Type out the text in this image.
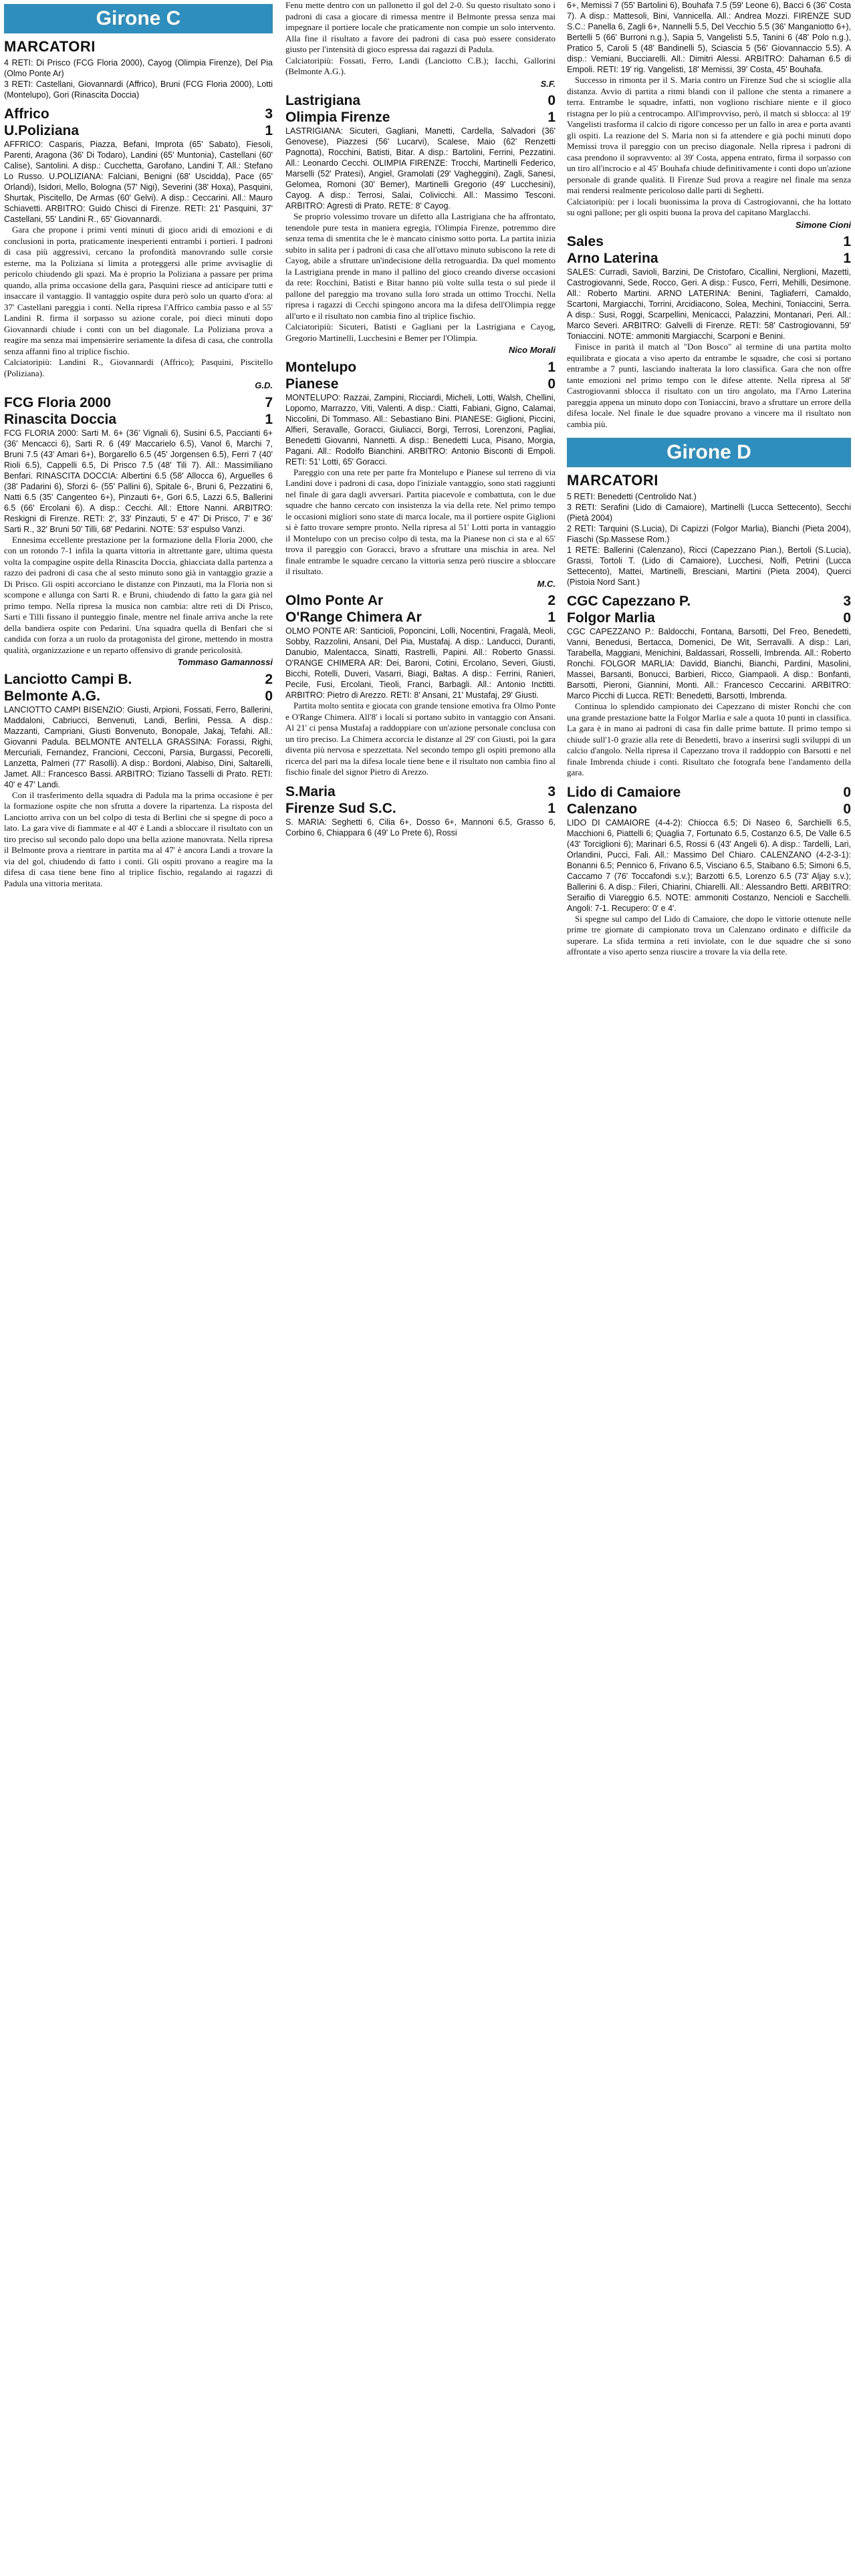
Girone C
MARCATORI

4 RETI: Di Prisco (FCG Floria 2000), Cayog (Olimpia Firenze), Del Pia (Olmo Ponte Ar)

3 RETI: Castellani, Giovannardi (Affrico), Bruni (FCG Floria 2000), Lotti (Montelupo), Gori (Rinascita Doccia)

Affrico	3
U.Poliziana	1

AFFRICO: Casparis, Piazza, Befani, Improta (65' Sabato), Fiesoli, Parenti, Aragona (36' Di Todaro), Landini (65' Muntonia), Castellani (60' Calise), Santolini. A disp.: Cucchetta, Garofano, Landini T. All.: Stefano Lo Russo. U.POLIZIANA: Falciani, Benigni (68' Uscidda), Pace (65' Orlandi), Isidori, Mello, Bologna (57' Nigi), Severini (38' Hoxa), Pasquini, Shurtak, Piscitello, De Armas (60' Gelvi). A disp.: Ceccarini. All.: Mauro Schiavetti. ARBITRO: Guido Chisci di Firenze. RETI: 21' Pasquini, 37' Castellani, 55' Landini R., 65' Giovannardi.

Gara che propone i primi venti minuti di gioco aridi di emozioni e di conclusioni in porta, praticamente inesperienti entrambi i portieri. I padroni di casa più aggressivi, cercano la profondità manovrando sulle corsie esterne, ma la Poliziana si limita a proteggersi alle prime avvisaglie di pericolo chiudendo gli spazi. Ma è proprio la Poliziana a passare per prima quando, alla prima occasione della gara, Pasquini riesce ad anticipare tutti e insaccare il vantaggio. Il vantaggio ospite dura però solo un quarto d'ora: al 37' Castellani pareggia i conti. Nella ripresa l'Affrico cambia passo e al 55' Landini R. firma il sorpasso su azione corale, poi dieci minuti dopo Giovannardi chiude i conti con un bel diagonale. La Poliziana prova a reagire ma senza mai impensierire seriamente la difesa di casa, che controlla senza affanni fino al triplice fischio.

Calciatoripiù: Landini R., Giovannardi (Affrico); Pasquini, Piscitello (Poliziana).

G.D.
FCG Floria 2000	7
Rinascita Doccia	1

FCG FLORIA 2000: Sarti M. 6+ (36' Vignali 6), Susini 6.5, Paccianti 6+ (36' Mencacci 6), Sarti R. 6 (49' Maccarielo 6.5), Vanol 6, Marchi 7, Bruni 7.5 (43' Amari 6+), Borgarello 6.5 (45' Jorgensen 6.5), Ferri 7 (40' Rioli 6.5), Cappelli 6.5, Di Prisco 7.5 (48' Tili 7). All.: Massimiliano Benfari. RINASCITA DOCCIA: Albertini 6.5 (58' Allocca 6), Arguelles 6 (38' Padarini 6), Sforzi 6- (55' Pallini 6), Spitale 6-, Bruni 6, Pezzatini 6, Natti 6.5 (35' Cangenteo 6+), Pinzauti 6+, Gori 6.5, Lazzi 6.5, Ballerini 6.5 (66' Ercolani 6). A disp.: Cecchi. All.: Ettore Nanni. ARBITRO: Reskigni di Firenze. RETI: 2', 33' Pinzauti, 5' e 47' Di Prisco, 7' e 36' Sarti R., 32' Bruni 50' Tilli, 68' Pedarini. NOTE: 53' espulso Vanzi.

Ennesima eccellente prestazione per la formazione della Floria 2000, che con un rotondo 7-1 infila la quarta vittoria in altrettante gare, ultima questa volta la compagine ospite della Rinascita Doccia, ghiacciata dalla partenza a razzo dei padroni di casa che al sesto minuto sono già in vantaggio grazie a Di Prisco. Gli ospiti accorciano le distanze con Pinzauti, ma la Floria non si scompone e allunga con Sarti R. e Bruni, chiudendo di fatto la gara già nel primo tempo. Nella ripresa la musica non cambia: altre reti di Di Prisco, Sarti e Tilli fissano il punteggio finale, mentre nel finale arriva anche la rete della bandiera ospite con Pedarini. Una squadra quella di Benfari che si candida con forza a un ruolo da protagonista del girone, mettendo in mostra qualità, organizzazione e un reparto offensivo di grande pericolosità.

Tommaso Gamannossi
Lanciotto Campi B.	2
Belmonte A.G.	0

LANCIOTTO CAMPI BISENZIO: Giusti, Arpioni, Fossati, Ferro, Ballerini, Maddaloni, Cabriucci, Benvenuti, Landi, Berlini, Pessa. A disp.: Mazzanti, Campriani, Giusti Bonvenuto, Bonopale, Jakaj, Tefahi. All.: Giovanni Padula. BELMONTE ANTELLA GRASSINA: Forassi, Righi, Mercuriali, Fernandez, Francioni, Cecconi, Parsia, Burgassi, Pecorelli, Lanzetta, Palmeri (77' Rasolli). A disp.: Bordoni, Alabiso, Dini, Saltarelli, Jamet. All.: Francesco Bassi. ARBITRO: Tiziano Tasselli di Prato. RETI: 40' e 47' Landi.

Con il trasferimento della squadra di Padula ma la prima occasione è per la formazione ospite che non sfrutta a dovere la ripartenza. La risposta del Lanciotto arriva con un bel colpo di testa di Berlini che si spegne di poco a lato. La gara vive di fiammate e al 40' è Landi a sbloccare il risultato con un tiro preciso sul secondo palo dopo una bella azione manovrata. Nella ripresa il Belmonte prova a rientrare in partita ma al 47' è ancora Landi a trovare la via del gol, chiudendo di fatto i conti. Gli ospiti provano a reagire ma la difesa di casa tiene bene fino al triplice fischio, regalando ai ragazzi di Padula una vittoria meritata.

Fenu mette dentro con un pallonetto il gol del 2-0. Su questo risultato sono i padroni di casa a giocare di rimessa mentre il Belmonte pressa senza mai impegnare il portiere locale che praticamente non compie un solo intervento. Alla fine il risultato a favore dei padroni di casa può essere considerato giusto per l'intensità di gioco espressa dai ragazzi di Padula.

Calciatoripiù: Fossati, Ferro, Landi (Lanciotto C.B.); Iacchi, Gallorini (Belmonte A.G.).

S.F.
Lastrigiana	0
Olimpia Firenze	1

LASTRIGIANA: Sicuteri, Gagliani, Manetti, Cardella, Salvadori (36' Genovese), Piazzesi (56' Lucarvi), Scalese, Maio (62' Renzetti Pagnotta), Rocchini, Batisti, Bitar. A disp.: Bartolini, Ferrini, Pezzatini. All.: Leonardo Cecchi. OLIMPIA FIRENZE: Trocchi, Martinelli Federico, Marselli (52' Pratesi), Angiel, Gramolati (29' Vagheggini), Zagli, Sanesi, Gelomea, Romoni (30' Bemer), Martinelli Gregorio (49' Lucchesini), Cayog. A disp.: Terrosi, Salai, Colivicchi. All.: Massimo Tesconi. ARBITRO: Agresti di Prato. RETE: 8' Cayog.

Se proprio volessimo trovare un difetto alla Lastrigiana che ha affrontato, tenendole pure testa in maniera egregia, l'Olimpia Firenze, potremmo dire senza tema di smentita che le è mancato cinismo sotto porta. La partita inizia subito in salita per i padroni di casa che all'ottavo minuto subiscono la rete di Cayog, abile a sfruttare un'indecisione della retroguardia. Da quel momento la Lastrigiana prende in mano il pallino del gioco creando diverse occasioni da rete: Rocchini, Batisti e Bitar hanno più volte sulla testa o sul piede il pallone del pareggio ma trovano sulla loro strada un ottimo Trocchi. Nella ripresa i ragazzi di Cecchi spingono ancora ma la difesa dell'Olimpia regge all'urto e il risultato non cambia fino al triplice fischio.

Calciatoripiù: Sicuteri, Batisti e Gagliani per la Lastrigiana e Cayog, Gregorio Martinelli, Lucchesini e Bemer per l'Olimpia.

Nico Morali
Montelupo	1
Pianese	0

MONTELUPO: Razzai, Zampini, Ricciardi, Micheli, Lotti, Walsh, Chellini, Lopomo, Marrazzo, Viti, Valenti. A disp.: Ciatti, Fabiani, Gigno, Calamai, Niccolini, Di Tommaso. All.: Sebastiano Bini. PIANESE: Giglioni, Piccini, Alfieri, Seravalle, Goracci, Giuliacci, Borgi, Terrosi, Lorenzoni, Pagliai, Benedetti Giovanni, Nannetti. A disp.: Benedetti Luca, Pisano, Morgia, Pagani. All.: Rodolfo Bianchini. ARBITRO: Antonio Bisconti di Empoli. RETI: 51' Lotti, 65' Goracci.

Pareggio con una rete per parte fra Montelupo e Pianese sul terreno di via Landini dove i padroni di casa, dopo l'iniziale vantaggio, sono stati raggiunti nel finale di gara dagli avversari. Partita piacevole e combattuta, con le due squadre che hanno cercato con insistenza la via della rete. Nel primo tempo le occasioni migliori sono state di marca locale, ma il portiere ospite Giglioni si è fatto trovare sempre pronto. Nella ripresa al 51' Lotti porta in vantaggio il Montelupo con un preciso colpo di testa, ma la Pianese non ci sta e al 65' trova il pareggio con Goracci, bravo a sfruttare una mischia in area. Nel finale entrambe le squadre cercano la vittoria senza però riuscire a sbloccare il risultato.

M.C.
Olmo Ponte Ar	2
O'Range Chimera Ar	1

OLMO PONTE AR: Santicioli, Poponcini, Lolli, Nocentini, Fragalà, Meoli, Sobby, Razzolini, Ansani, Del Pia, Mustafaj. A disp.: Landucci, Duranti, Danubio, Malentacca, Sinatti, Rastrelli, Papini. All.: Roberto Gnassi. O'RANGE CHIMERA AR: Dei, Baroni, Cotini, Ercolano, Severi, Giusti, Bicchi, Rotelli, Duveri, Vasarri, Biagi, Baltas. A disp.: Ferrini, Ranieri, Pecile, Fusi, Ercolani, Tieoli, Franci, Barbagli. All.: Antonio Inctitti. ARBITRO: Pietro di Arezzo. RETI: 8' Ansani, 21' Mustafaj, 29' Giusti.

Partita molto sentita e giocata con grande tensione emotiva fra Olmo Ponte e O'Range Chimera. All'8' i locali si portano subito in vantaggio con Ansani. Al 21' ci pensa Mustafaj a raddoppiare con un'azione personale conclusa con un tiro preciso. La Chimera accorcia le distanze al 29' con Giusti, poi la gara diventa più nervosa e spezzettata. Nel secondo tempo gli ospiti premono alla ricerca del pari ma la difesa locale tiene bene e il risultato non cambia fino al fischio finale del signor Pietro di Arezzo.

S.Maria	3
Firenze Sud S.C.	1

S. MARIA: Seghetti 6, Cilia 6+, Dosso 6+, Mannoni 6.5, Grasso 6, Corbino 6, Chiappara 6 (49' Lo Prete 6), Rossi

6+, Memissi 7 (55' Bartolini 6), Bouhafa 7.5 (59' Leone 6), Bacci 6 (36' Costa 7). A disp.: Mattesoli, Bini, Vannicella. All.: Andrea Mozzi. FIRENZE SUD S.C.: Panella 6, Zagli 6+, Nannelli 5.5, Del Vecchio 5.5 (36' Manganiotto 6+), Bertelli 5 (66' Burroni n.g.), Sapia 5, Vangelisti 5.5, Tanini 6 (48' Polo n.g.), Pratico 5, Caroli 5 (48' Bandinelli 5), Sciascia 5 (56' Giovannaccio 5.5). A disp.: Vemiani, Bucciarelli. All.: Dimitri Alessi. ARBITRO: Dahaman 6.5 di Empoli. RETI: 19' rig. Vangelisti, 18' Memissi, 39' Costa, 45' Bouhafa.

Successo in rimonta per il S. Maria contro un Firenze Sud che si scioglie alla distanza. Avvio di partita a ritmi blandi con il pallone che stenta a rimanere a terra. Entrambe le squadre, infatti, non vogliono rischiare niente e il gioco ristagna per lo più a centrocampo. All'improvviso, però, il match si sblocca: al 19' Vangelisti trasforma il calcio di rigore concesso per un fallo in area e porta avanti gli ospiti. La reazione del S. Maria non si fa attendere e già pochi minuti dopo Memissi trova il pareggio con un preciso diagonale. Nella ripresa i padroni di casa prendono il sopravvento: al 39' Costa, appena entrato, firma il sorpasso con un tiro all'incrocio e al 45' Bouhafa chiude definitivamente i conti dopo un'azione personale di grande qualità. Il Firenze Sud prova a reagire nel finale ma senza mai rendersi realmente pericoloso dalle parti di Seghetti.

Calciatoripiù: per i locali buonissima la prova di Castrogiovanni, che ha lottato su ogni pallone; per gli ospiti buona la prova del capitano Marglacchi.

Simone Cioni
Sales	1
Arno Laterina	1

SALES: Curradi, Savioli, Barzini, De Cristofaro, Cicallini, Nerglioni, Mazetti, Castrogiovanni, Sede, Rocco, Geri. A disp.: Fusco, Ferri, Mehilli, Desimone. All.: Roberto Martini. ARNO LATERINA: Benini, Tagliaferri, Camaldo, Scartoni, Margiacchi, Torrini, Arcidiacono, Solea, Mechini, Toniaccini, Serra. A disp.: Susi, Roggi, Scarpellini, Menicacci, Palazzini, Montanari, Peri. All.: Marco Severi. ARBITRO: Galvelli di Firenze. RETI: 58' Castrogiovanni, 59' Toniaccini. NOTE: ammoniti Margiacchi, Scarponi e Benini.

Finisce in parità il match al "Don Bosco" al termine di una partita molto equilibrata e giocata a viso aperto da entrambe le squadre, che così si portano entrambe a 7 punti, lasciando inalterata la loro classifica. Gara che non offre tante emozioni nel primo tempo con le difese attente. Nella ripresa al 58' Castrogiovanni sblocca il risultato con un tiro angolato, ma l'Arno Laterina pareggia appena un minuto dopo con Toniaccini, bravo a sfruttare un errore della difesa locale. Nel finale le due squadre provano a vincere ma il risultato non cambia più.

Girone D
MARCATORI

5 RETI: Benedetti (Centrolido Nat.)

3 RETI: Serafini (Lido di Camaiore), Martinelli (Lucca Settecento), Secchi (Pietà 2004)

2 RETI: Tarquini (S.Lucia), Di Capizzi (Folgor Marlia), Bianchi (Pieta 2004), Fiaschi (Sp.Massese Rom.)

1 RETE: Ballerini (Calenzano), Ricci (Capezzano Pian.), Bertoli (S.Lucia), Grassi, Tortoli T. (Lido di Camaiore), Lucchesi, Nolfi, Petrini (Lucca Settecento), Mattei, Martinelli, Bresciani, Martini (Pieta 2004), Querci (Pistoia Nord Sant.)

CGC Capezzano P.	3
Folgor Marlia	0

CGC CAPEZZANO P.: Baldocchi, Fontana, Barsotti, Del Freo, Benedetti, Vanni, Benedusi, Bertacca, Domenici, De Wit, Serravalli. A disp.: Lari, Tarabella, Maggiani, Menichini, Baldassari, Rosselli, Imbrenda. All.: Roberto Ronchi. FOLGOR MARLIA: Davidd, Bianchi, Bianchi, Pardini, Masolini, Massei, Barsanti, Bonucci, Barbieri, Ricco, Giampaoli. A disp.: Bonfanti, Barsotti, Pieroni, Giannini, Monti. All.: Francesco Ceccarini. ARBITRO: Marco Picchi di Lucca. RETI: Benedetti, Barsotti, Imbrenda.

Continua lo splendido campionato dei Capezzano di mister Ronchi che con una grande prestazione batte la Folgor Marlia e sale a quota 10 punti in classifica. La gara è in mano ai padroni di casa fin dalle prime battute. Il primo tempo si chiude sull'1-0 grazie alla rete di Benedetti, bravo a inserirsi sugli sviluppi di un calcio d'angolo. Nella ripresa il Capezzano trova il raddoppio con Barsotti e nel finale Imbrenda chiude i conti. Risultato che fotografa bene l'andamento della gara.

Lido di Camaiore	0
Calenzano	0

LIDO DI CAMAIORE (4-4-2): Chiocca 6.5; Di Naseo 6, Sarchielli 6.5, Macchioni 6, Piattelli 6; Quaglia 7, Fortunato 6.5, Costanzo 6.5, De Valle 6.5 (43' Torciglioni 6); Marinari 6.5, Rossi 6 (43' Angeli 6). A disp.: Tardelli, Lari, Orlandini, Pucci, Fali. All.: Massimo Del Chiaro. CALENZANO (4-2-3-1): Bonanni 6.5; Pennico 6, Frivano 6.5, Visciano 6.5, Staibano 6.5; Simoni 6.5, Caccamo 7 (76' Toccafondi s.v.); Barzotti 6.5, Lorenzo 6.5 (73' Aljay s.v.); Ballerini 6. A disp.: Fileri, Chiarini, Chiarelli. All.: Alessandro Betti. ARBITRO: Seraifio di Viareggio 6.5. NOTE: ammoniti Costanzo, Nencioli e Sacchelli. Angoli: 7-1. Recupero: 0' e 4'.

Si spegne sul campo del Lido di Camaiore, che dopo le vittorie ottenute nelle prime tre giornate di campionato trova un Calenzano ordinato e difficile da superare. La sfida termina a reti inviolate, con le due squadre che si sono affrontate a viso aperto senza riuscire a trovare la via della rete.
